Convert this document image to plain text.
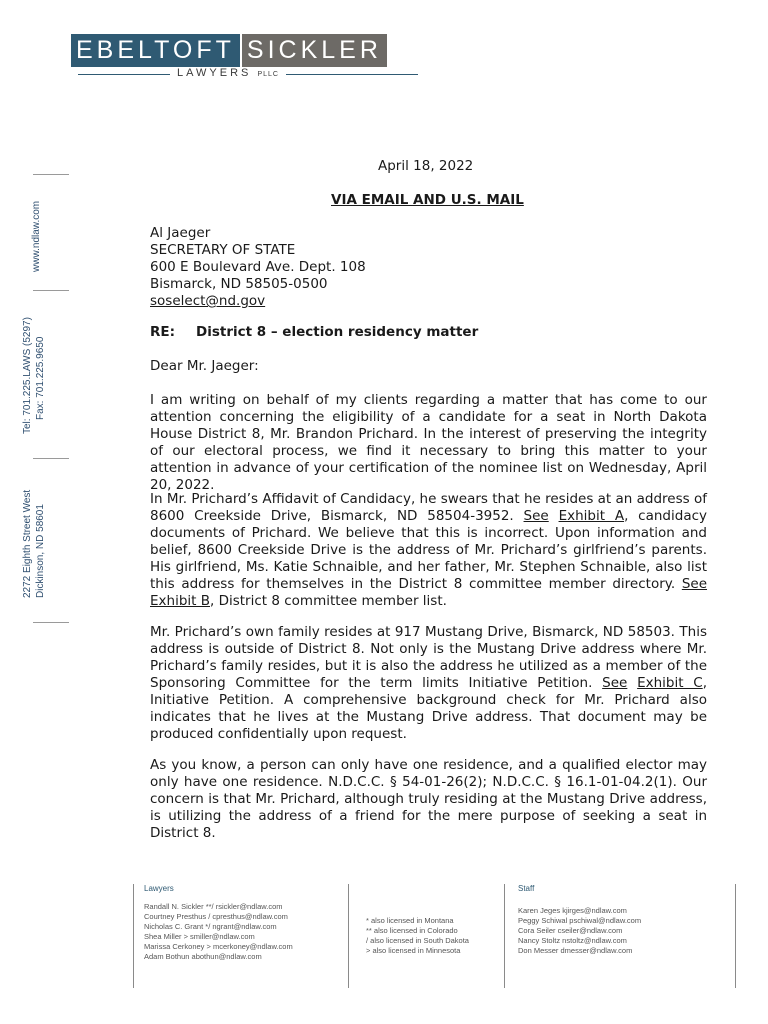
EBELTOFT SICKLER
LAWYERS PLLC
www.ndlaw.com
Tel: 701.225.LAWS (5297) Fax: 701.225.9650
2272 Eighth Street West Dickinson, ND 58601
April 18, 2022
VIA EMAIL AND U.S. MAIL
Al Jaeger
SECRETARY OF STATE
600 E Boulevard Ave. Dept. 108
Bismarck, ND 58505-0500
soselect@nd.gov
RE: District 8 – election residency matter
Dear Mr. Jaeger:
I am writing on behalf of my clients regarding a matter that has come to our attention concerning the eligibility of a candidate for a seat in North Dakota House District 8, Mr. Brandon Prichard. In the interest of preserving the integrity of our electoral process, we find it necessary to bring this matter to your attention in advance of your certification of the nominee list on Wednesday, April 20, 2022.
In Mr. Prichard’s Affidavit of Candidacy, he swears that he resides at an address of 8600 Creekside Drive, Bismarck, ND 58504-3952. See Exhibit A, candidacy documents of Prichard. We believe that this is incorrect. Upon information and belief, 8600 Creekside Drive is the address of Mr. Prichard’s girlfriend’s parents. His girlfriend, Ms. Katie Schnaible, and her father, Mr. Stephen Schnaible, also list this address for themselves in the District 8 committee member directory. See Exhibit B, District 8 committee member list.
Mr. Prichard’s own family resides at 917 Mustang Drive, Bismarck, ND 58503. This address is outside of District 8. Not only is the Mustang Drive address where Mr. Prichard’s family resides, but it is also the address he utilized as a member of the Sponsoring Committee for the term limits Initiative Petition. See Exhibit C, Initiative Petition. A comprehensive background check for Mr. Prichard also indicates that he lives at the Mustang Drive address. That document may be produced confidentially upon request.
As you know, a person can only have one residence, and a qualified elector may only have one residence. N.D.C.C. § 54-01-26(2); N.D.C.C. § 16.1-01-04.2(1). Our concern is that Mr. Prichard, although truly residing at the Mustang Drive address, is utilizing the address of a friend for the mere purpose of seeking a seat in District 8.
Lawyers
Randall N. Sickler **/ rsickler@ndlaw.com
Courtney Presthus / cpresthus@ndlaw.com
Nicholas C. Grant */ ngrant@ndlaw.com
Shea Miller > smiller@ndlaw.com
Marissa Cerkoney > mcerkoney@ndlaw.com
Adam Bothun abothun@ndlaw.com
* also licensed in Montana
** also licensed in Colorado
/ also licensed in South Dakota
> also licensed in Minnesota
Staff
Karen Jeges kjirges@ndlaw.com
Peggy Schiwal pschiwal@ndlaw.com
Cora Seiler cseiler@ndlaw.com
Nancy Stoltz nstoltz@ndlaw.com
Don Messer dmesser@ndlaw.com
